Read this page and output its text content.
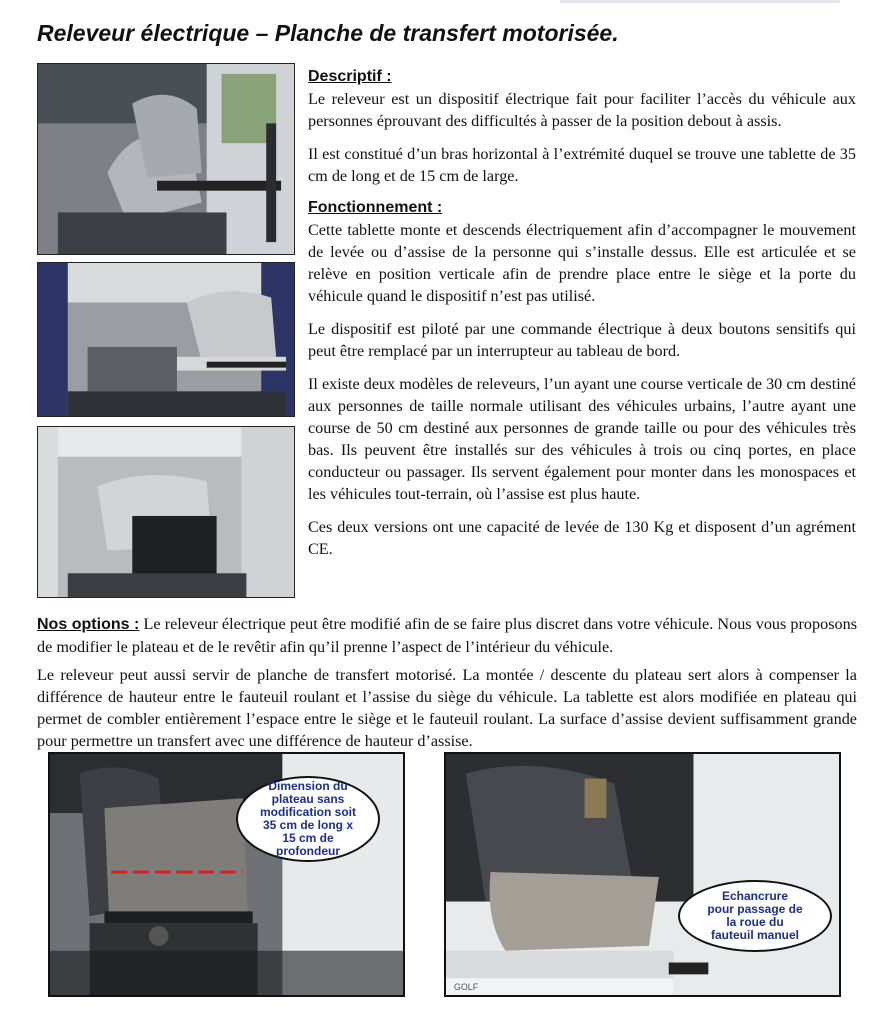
Releveur électrique – Planche de transfert motorisée.
Descriptif :

Le releveur est un dispositif électrique fait pour faciliter l’accès du véhicule aux personnes éprouvant des difficultés à passer de la position debout à assis.

Il est constitué d’un bras horizontal à l’extrémité duquel se trouve une tablette de 35 cm de long et de 15 cm de large.

Fonctionnement :

Cette tablette monte et descends électriquement afin d’accompagner le mouvement de levée ou d’assise de la personne qui s’installe dessus. Elle est articulée et se relève en position verticale afin de prendre place entre le siège et la porte du véhicule quand le dispositif n’est pas utilisé.

Le dispositif est piloté par une commande électrique à deux boutons sensitifs qui peut être remplacé par un interrupteur au tableau de bord.

Il existe deux modèles de releveurs, l’un ayant une course verticale de 30 cm destiné aux personnes de taille normale utilisant des véhicules urbains, l’autre ayant une course de 50 cm destiné aux personnes de grande taille ou pour des véhicules très bas. Ils peuvent être installés sur des véhicules à trois ou cinq portes, en place conducteur ou passager. Ils servent également pour monter dans les monospaces et les véhicules tout-terrain, où l’assise est plus haute.

Ces deux versions ont une capacité de levée de 130 Kg et disposent d’un agrément CE.

Nos options : Le releveur électrique peut être modifié afin de se faire plus discret dans votre véhicule. Nous vous proposons de modifier le plateau et de le revêtir afin qu’il prenne l’aspect de l’intérieur du véhicule.
Le releveur peut aussi servir de planche de transfert motorisé. La montée / descente du plateau sert alors à compenser la différence de hauteur entre le fauteuil roulant et l’assise du siège du véhicule. La tablette est alors modifiée en plateau qui permet de combler entièrement l’espace entre le siège et le fauteuil roulant. La surface d’assise devient suffisamment grande pour permettre un transfert avec une différence de hauteur d’assise.
GOLF
Dimension du
plateau sans
modification soit
35 cm de long x
15 cm de
profondeur
Echancrure
pour passage de
la roue du
fauteuil manuel
